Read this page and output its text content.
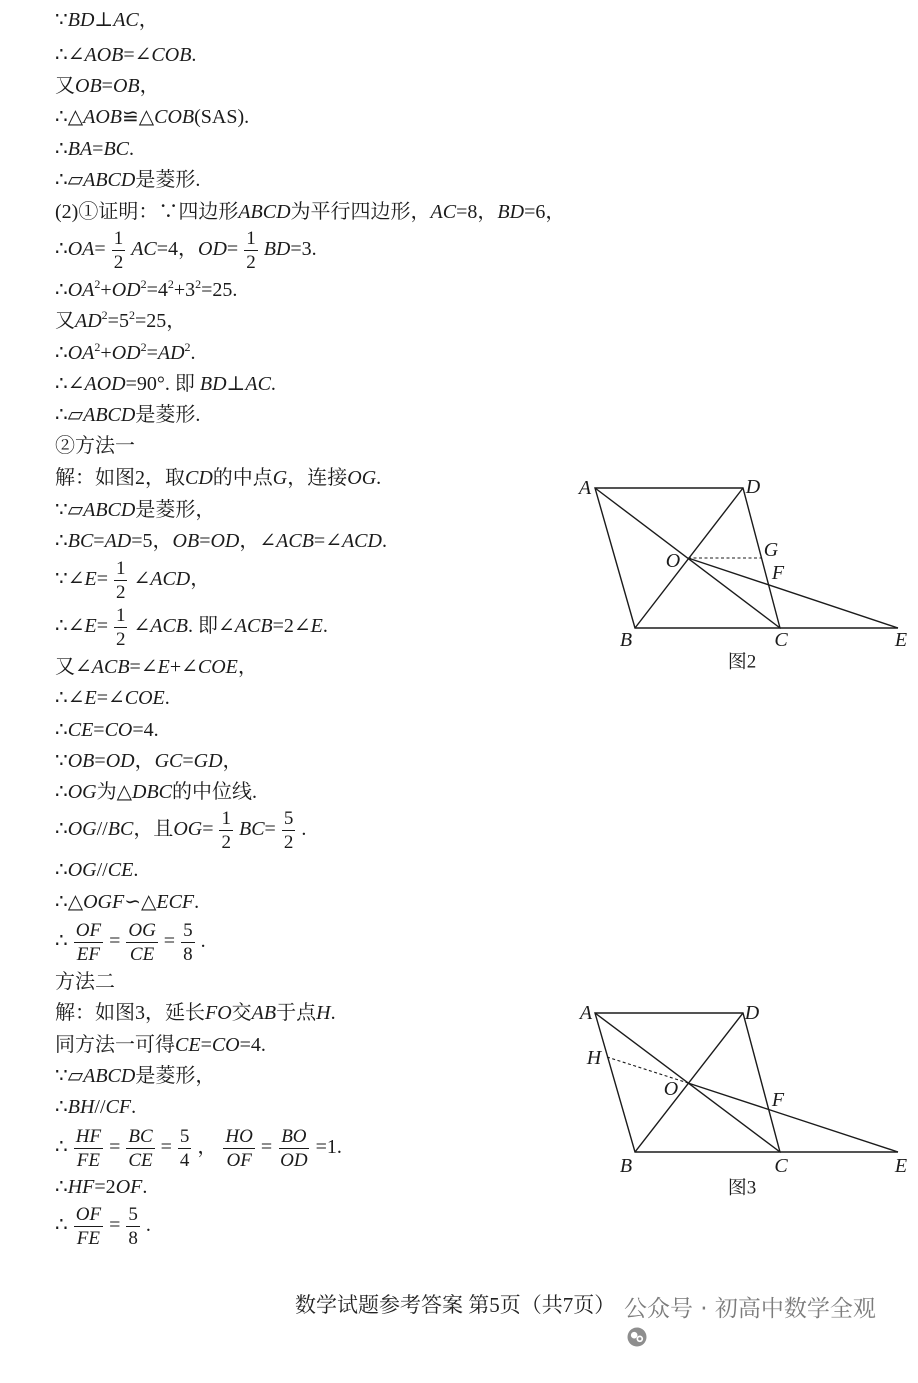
∵BD⊥AC，
∴∠AOB=∠COB.
又OB=OB，
∴△AOB≌△COB(SAS).
∴BA=BC.
∴▱ABCD是菱形.
(2)①证明：∵四边形ABCD为平行四边形，AC=8，BD=6，
∴OA= $\frac{1}{2} AC=4$，$OD= \frac{1}{2} BD=3$.
$\therefore OA^2+OD^2=4^2+3^2=25$.
又$AD^2=5^2=25$，
$\therefore OA^2+OD^2=AD^2$.
∴∠AOD=90°. 即 BD⊥AC.
∴▱ABCD是菱形.
②方法一
解：如图2，取CD的中点G，连接OG.
∵▱ABCD是菱形，
∴BC=AD=5，OB=OD，∠ACB=∠ACD.
∵∠E= $\frac{1}{2}$ ∠ACD，
∴∠E= $\frac{1}{2}$ ∠ACB. 即∠ACB=2∠E.
又∠ACB=∠E+∠COE，
∴∠E=∠COE.
∴CE=CO=4.
∵OB=OD，GC=GD，
∴OG为△DBC的中位线.
∴OG//BC，且$OG= \frac{1}{2} BC= \frac{5}{2}$ .
∴OG//CE.
∴△OGF∽△ECF.
∴ $\frac{OF}{EF} = \frac{OG}{CE} = \frac{5}{8}$ .
方法二
解：如图3，延长FO交AB于点H.
同方法一可得CE=CO=4.
∵▱ABCD是菱形，
∴BH//CF.
∴ $\frac{HF}{FE} = \frac{BC}{CE} = \frac{5}{4}$ ， $\frac{HO}{OF} = \frac{BO}{OD} =1$.
∴HF=2OF.
∴ $\frac{OF}{FE} = \frac{5}{8}$ .
A	D
B	C	E
O	G
F
图2
A	D
H
O	F
B	C	E
图3
数学试题参考答案 第5页（共7页）

公众号 · 初高中数学全观
